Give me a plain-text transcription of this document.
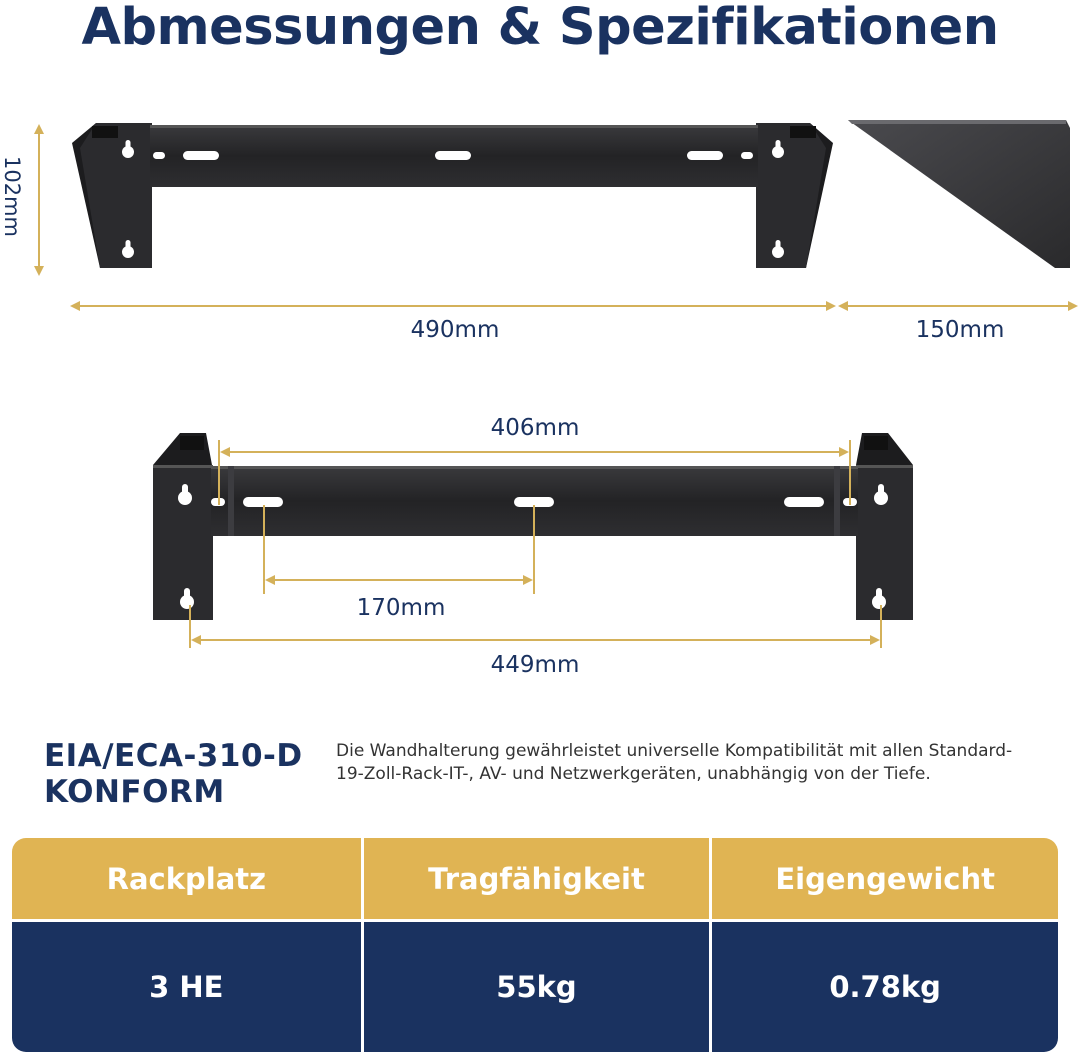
Abmessungen & Spezifikationen
102mm
490mm	150mm
406mm
170mm
449mm
EIA/ECA-310-D
KONFORM
Die Wandhalterung gewährleistet universelle Kompatibilität mit allen Standard-19-Zoll-Rack-IT-, AV- und Netzwerkgeräten, unabhängig von der Tiefe.
Rackplatz	Tragfähigkeit	Eigengewicht
3 HE	55kg	0.78kg
